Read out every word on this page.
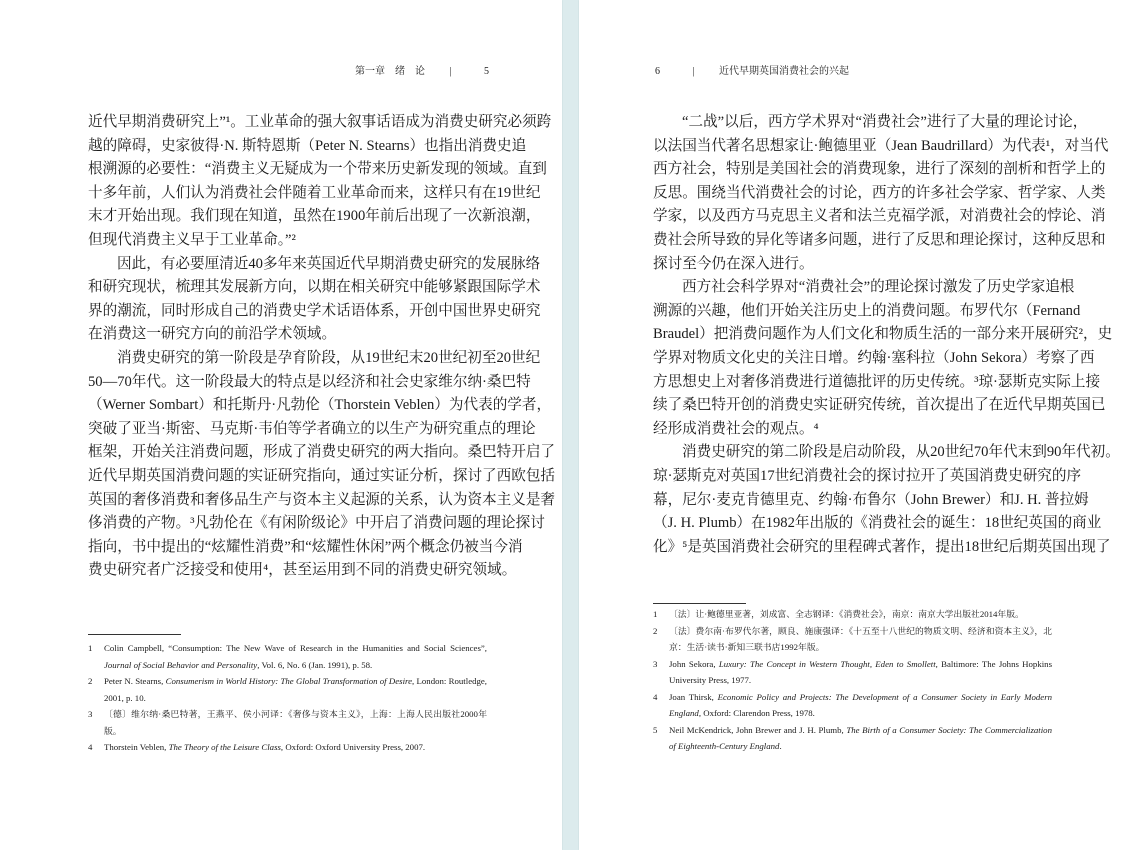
第一章　绪　论 |	5
近代早期消费研究上”¹。工业革命的强大叙事话语成为消费史研究必须跨
越的障碍，史家彼得·N. 斯特恩斯（Peter N. Stearns）也指出消费史追
根溯源的必要性：“消费主义无疑成为一个带来历史新发现的领域。直到
十多年前，人们认为消费社会伴随着工业革命而来，这样只有在19世纪
末才开始出现。我们现在知道，虽然在1900年前后出现了一次新浪潮，
但现代消费主义早于工业革命。”²
因此，有必要厘清近40多年来英国近代早期消费史研究的发展脉络
和研究现状，梳理其发展新方向，以期在相关研究中能够紧跟国际学术
界的潮流，同时形成自己的消费史学术话语体系，开创中国世界史研究
在消费这一研究方向的前沿学术领域。
消费史研究的第一阶段是孕育阶段，从19世纪末20世纪初至20世纪
50—70年代。这一阶段最大的特点是以经济和社会史家维尔纳·桑巴特
（Werner Sombart）和托斯丹·凡勃伦（Thorstein Veblen）为代表的学者，
突破了亚当·斯密、马克斯·韦伯等学者确立的以生产为研究重点的理论
框架，开始关注消费问题，形成了消费史研究的两大指向。桑巴特开启了
近代早期英国消费问题的实证研究指向，通过实证分析，探讨了西欧包括
英国的奢侈消费和奢侈品生产与资本主义起源的关系，认为资本主义是奢
侈消费的产物。³凡勃伦在《有闲阶级论》中开启了消费问题的理论探讨
指向，书中提出的“炫耀性消费”和“炫耀性休闲”两个概念仍被当今消
费史研究者广泛接受和使用⁴，甚至运用到不同的消费史研究领域。
1 Colin Campbell, “Consumption: The New Wave of Research in the Humanities and Social Sciences”, Journal of Social Behavior and Personality, Vol. 6, No. 6 (Jan. 1991), p. 58.
2 Peter N. Stearns, Consumerism in World History: The Global Transformation of Desire, London: Routledge, 2001, p. 10.
3 〔德〕维尔纳·桑巴特著，王燕平、侯小河译：《奢侈与资本主义》，上海：上海人民出版社2000年版。
4 Thorstein Veblen, The Theory of the Leisure Class, Oxford: Oxford University Press, 2007.
6	| 近代早期英国消费社会的兴起
“二战”以后，西方学术界对“消费社会”进行了大量的理论讨论，
以法国当代著名思想家让·鲍德里亚（Jean Baudrillard）为代表¹，对当代
西方社会，特别是美国社会的消费现象，进行了深刻的剖析和哲学上的
反思。围绕当代消费社会的讨论，西方的许多社会学家、哲学家、人类
学家，以及西方马克思主义者和法兰克福学派，对消费社会的悖论、消
费社会所导致的异化等诸多问题，进行了反思和理论探讨，这种反思和
探讨至今仍在深入进行。
西方社会科学界对“消费社会”的理论探讨激发了历史学家追根
溯源的兴趣，他们开始关注历史上的消费问题。布罗代尔（Fernand
Braudel）把消费问题作为人们文化和物质生活的一部分来开展研究²，史
学界对物质文化史的关注日增。约翰·塞科拉（John Sekora）考察了西
方思想史上对奢侈消费进行道德批评的历史传统。³琼·瑟斯克实际上接
续了桑巴特开创的消费史实证研究传统，首次提出了在近代早期英国已
经形成消费社会的观点。⁴
消费史研究的第二阶段是启动阶段，从20世纪70年代末到90年代初。
琼·瑟斯克对英国17世纪消费社会的探讨拉开了英国消费史研究的序
幕，尼尔·麦克肯德里克、约翰·布鲁尔（John Brewer）和J. H. 普拉姆
（J. H. Plumb）在1982年出版的《消费社会的诞生：18世纪英国的商业
化》⁵是英国消费社会研究的里程碑式著作，提出18世纪后期英国出现了
1 〔法〕让·鲍德里亚著，刘成富、全志钢译：《消费社会》，南京：南京大学出版社2014年版。
2 〔法〕费尔南·布罗代尔著，顾良、施康强译：《十五至十八世纪的物质文明、经济和资本主义》，北京：生活·读书·新知三联书店1992年版。
3 John Sekora, Luxury: The Concept in Western Thought, Eden to Smollett, Baltimore: The Johns Hopkins University Press, 1977.
4 Joan Thirsk, Economic Policy and Projects: The Development of a Consumer Society in Early Modern England, Oxford: Clarendon Press, 1978.
5 Neil McKendrick, John Brewer and J. H. Plumb, The Birth of a Consumer Society: The Commercialization of Eighteenth-Century England.
